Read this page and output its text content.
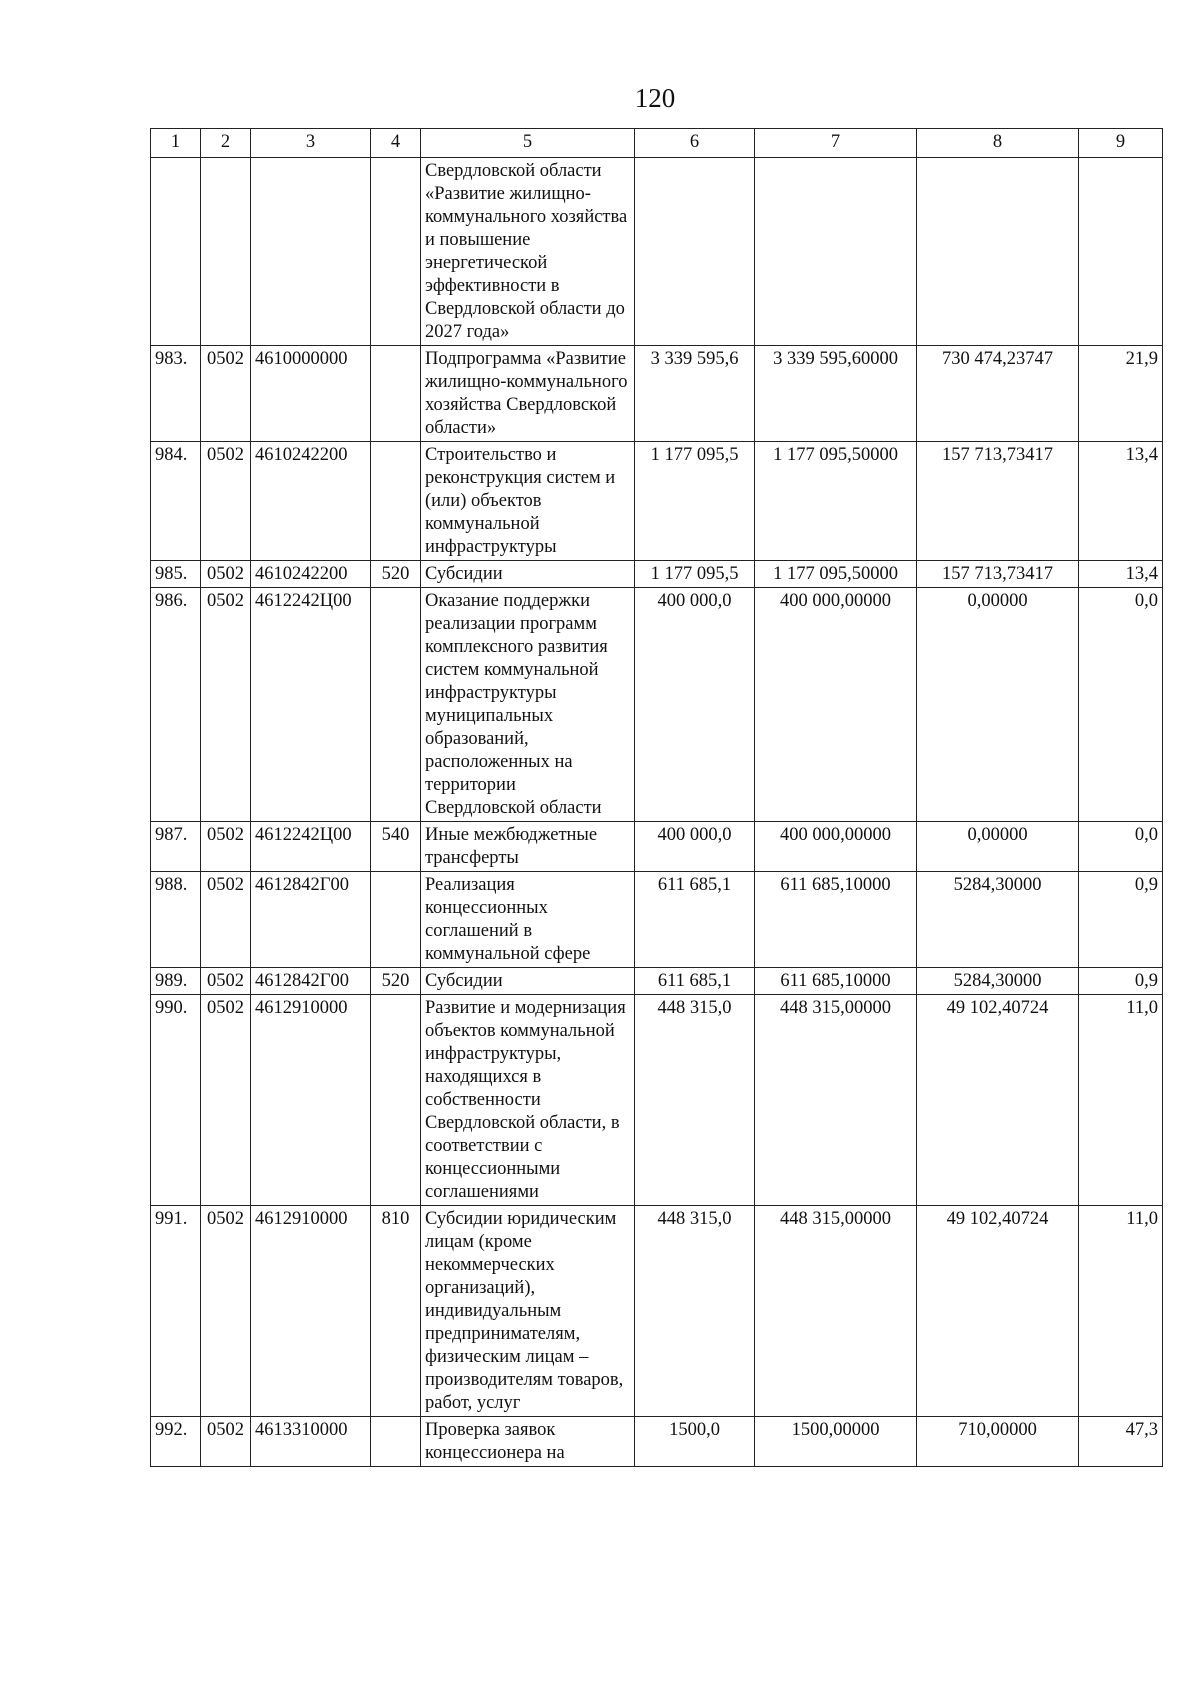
120
1	2	3	4	5	6	7	8	9
				Свердловской области «Развитие жилищно-коммунального хозяйства и повышение энергетической эффективности в Свердловской области до 2027 года»				
983.	0502	4610000000		Подпрограмма «Развитие жилищно-коммунального хозяйства Свердловской области»	3 339 595,6	3 339 595,60000	730 474,23747	21,9
984.	0502	4610242200		Строительство и реконструкция систем и (или) объектов коммунальной инфраструктуры	1 177 095,5	1 177 095,50000	157 713,73417	13,4
985.	0502	4610242200	520	Субсидии	1 177 095,5	1 177 095,50000	157 713,73417	13,4
986.	0502	4612242Ц00		Оказание поддержки реализации программ комплексного развития систем коммунальной инфраструктуры муниципальных образований, расположенных на территории Свердловской области	400 000,0	400 000,00000	0,00000	0,0
987.	0502	4612242Ц00	540	Иные межбюджетные трансферты	400 000,0	400 000,00000	0,00000	0,0
988.	0502	4612842Г00		Реализация концессионных соглашений в коммунальной сфере	611 685,1	611 685,10000	5284,30000	0,9
989.	0502	4612842Г00	520	Субсидии	611 685,1	611 685,10000	5284,30000	0,9
990.	0502	4612910000		Развитие и модернизация объектов коммунальной инфраструктуры, находящихся в собственности Свердловской области, в соответствии с концессионными соглашениями	448 315,0	448 315,00000	49 102,40724	11,0
991.	0502	4612910000	810	Субсидии юридическим лицам (кроме некоммерческих организаций), индивидуальным предпринимателям, физическим лицам – производителям товаров, работ, услуг	448 315,0	448 315,00000	49 102,40724	11,0
992.	0502	4613310000		Проверка заявок концессионера на	1500,0	1500,00000	710,00000	47,3
